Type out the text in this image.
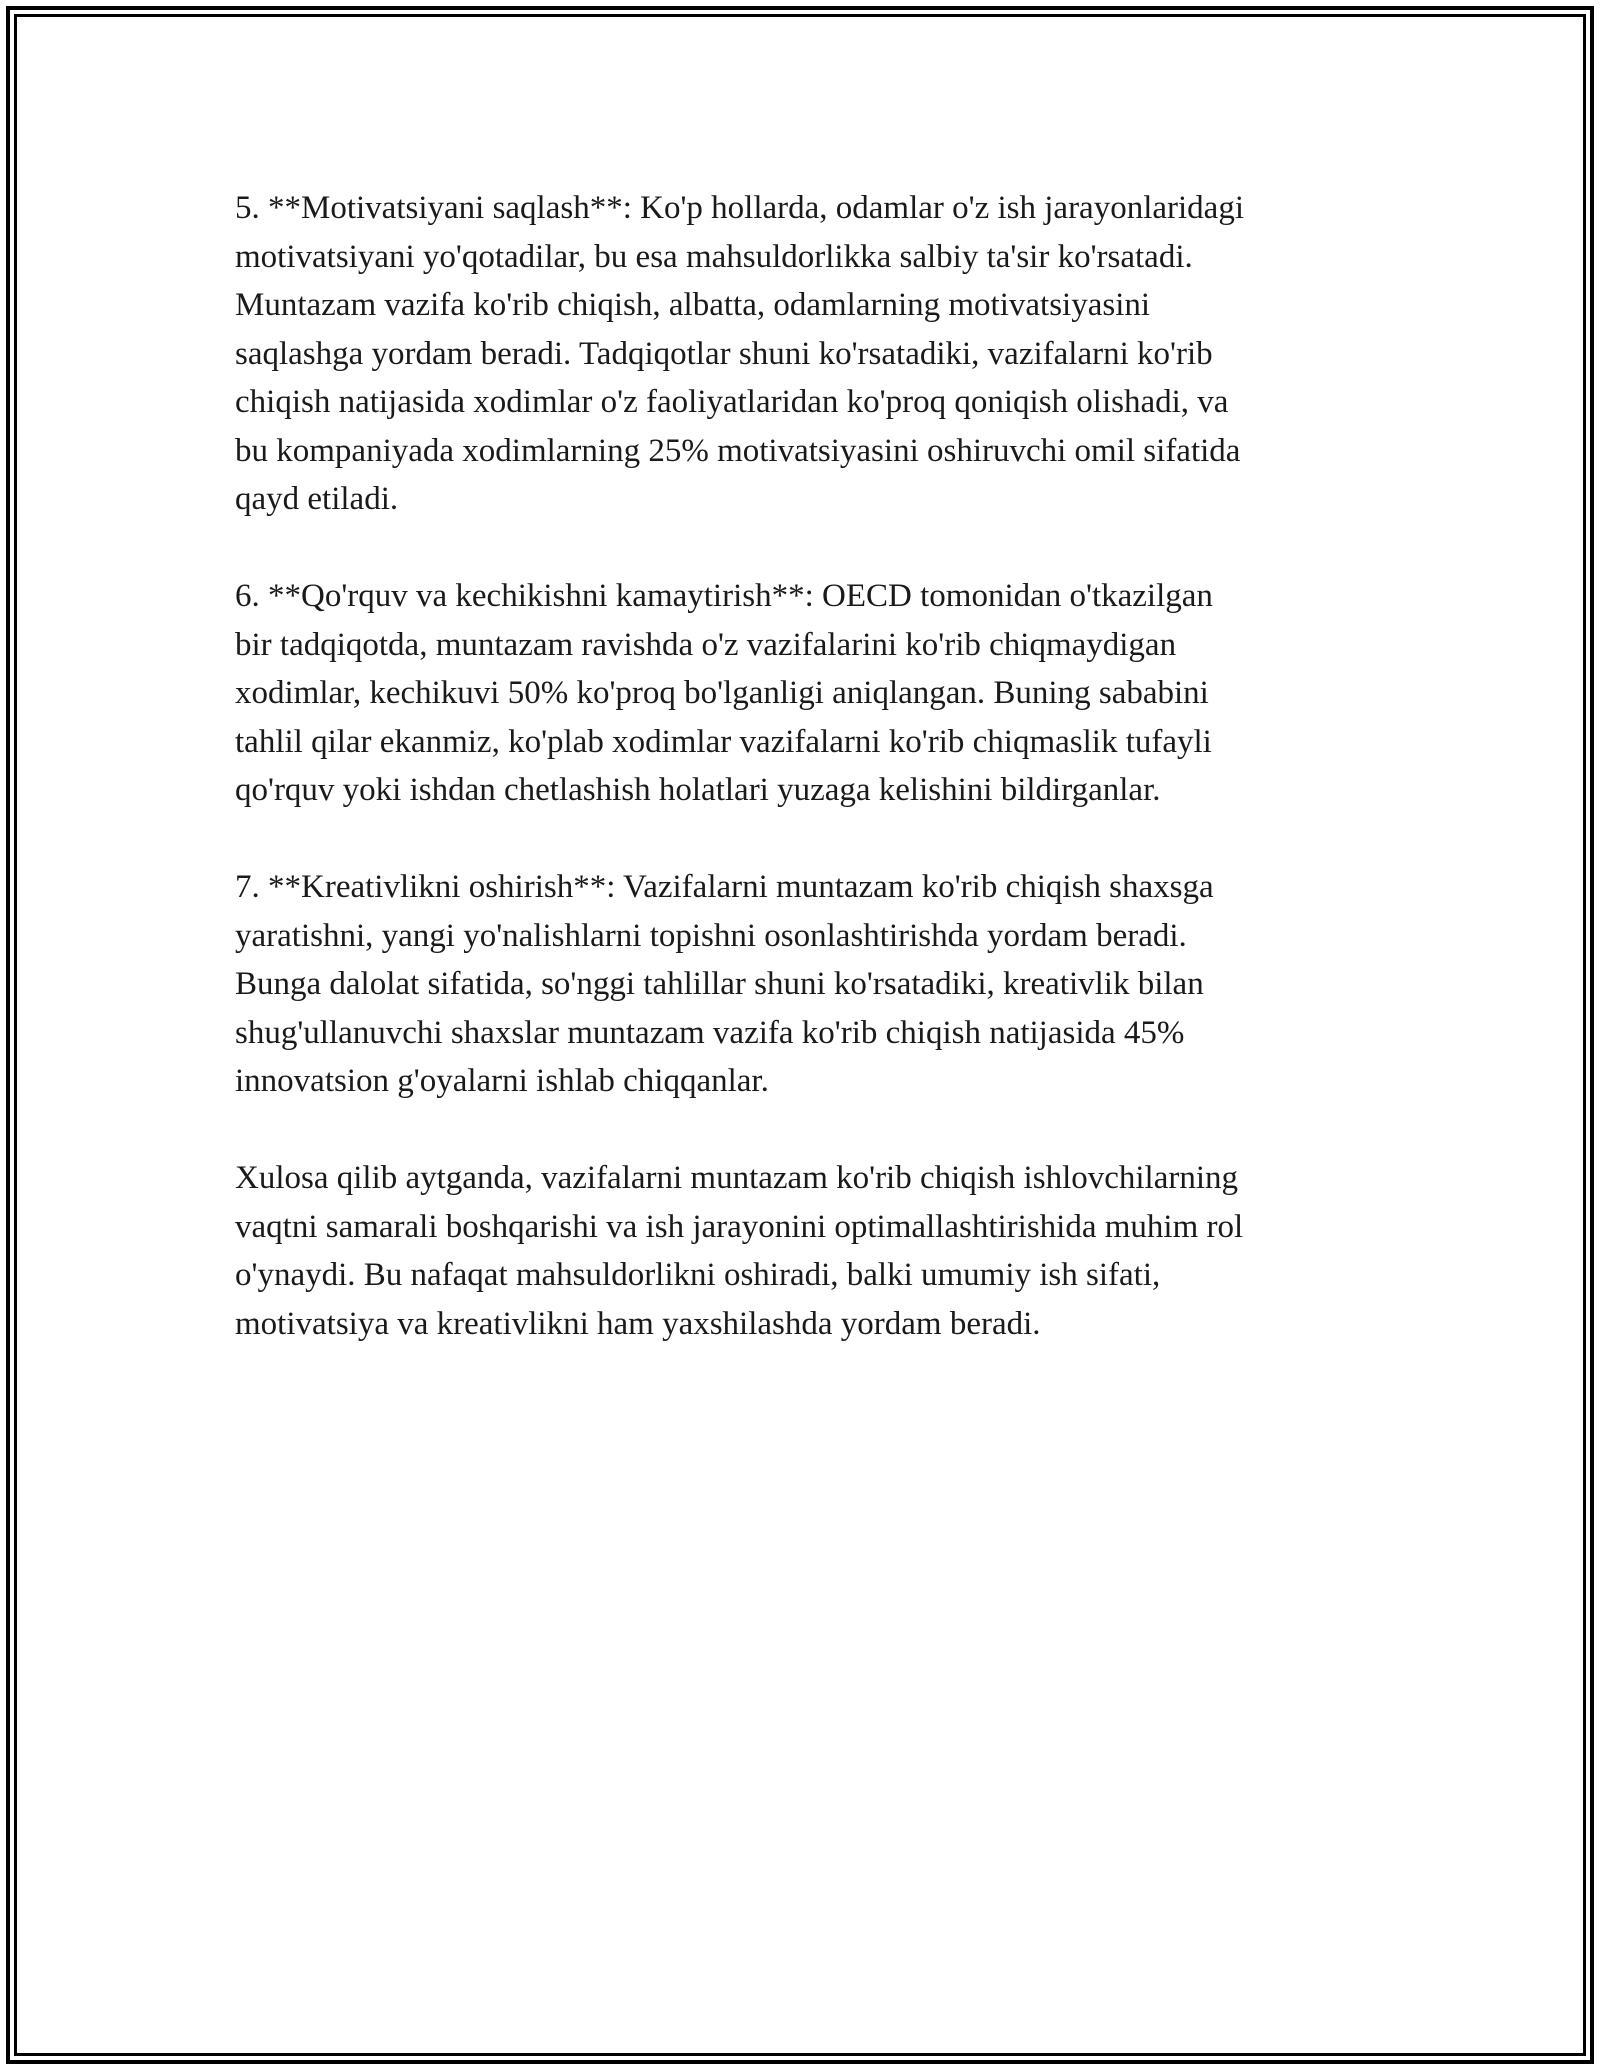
5. **Motivatsiyani saqlash**: Ko'p hollarda, odamlar o'z ish jarayonlaridagi
motivatsiyani yo'qotadilar, bu esa mahsuldorlikka salbiy ta'sir ko'rsatadi.
Muntazam vazifa ko'rib chiqish, albatta, odamlarning motivatsiyasini
saqlashga yordam beradi. Tadqiqotlar shuni ko'rsatadiki, vazifalarni ko'rib
chiqish natijasida xodimlar o'z faoliyatlaridan ko'proq qoniqish olishadi, va
bu kompaniyada xodimlarning 25% motivatsiyasini oshiruvchi omil sifatida
qayd etiladi.

6. **Qo'rquv va kechikishni kamaytirish**: OECD tomonidan o'tkazilgan
bir tadqiqotda, muntazam ravishda o'z vazifalarini ko'rib chiqmaydigan
xodimlar, kechikuvi 50% ko'proq bo'lganligi aniqlangan. Buning sababini
tahlil qilar ekanmiz, ko'plab xodimlar vazifalarni ko'rib chiqmaslik tufayli
qo'rquv yoki ishdan chetlashish holatlari yuzaga kelishini bildirganlar.

7. **Kreativlikni oshirish**: Vazifalarni muntazam ko'rib chiqish shaxsga
yaratishni, yangi yo'nalishlarni topishni osonlashtirishda yordam beradi.
Bunga dalolat sifatida, so'nggi tahlillar shuni ko'rsatadiki, kreativlik bilan
shug'ullanuvchi shaxslar muntazam vazifa ko'rib chiqish natijasida 45%
innovatsion g'oyalarni ishlab chiqqanlar.

Xulosa qilib aytganda, vazifalarni muntazam ko'rib chiqish ishlovchilarning
vaqtni samarali boshqarishi va ish jarayonini optimallashtirishida muhim rol
o'ynaydi. Bu nafaqat mahsuldorlikni oshiradi, balki umumiy ish sifati,
motivatsiya va kreativlikni ham yaxshilashda yordam beradi.
